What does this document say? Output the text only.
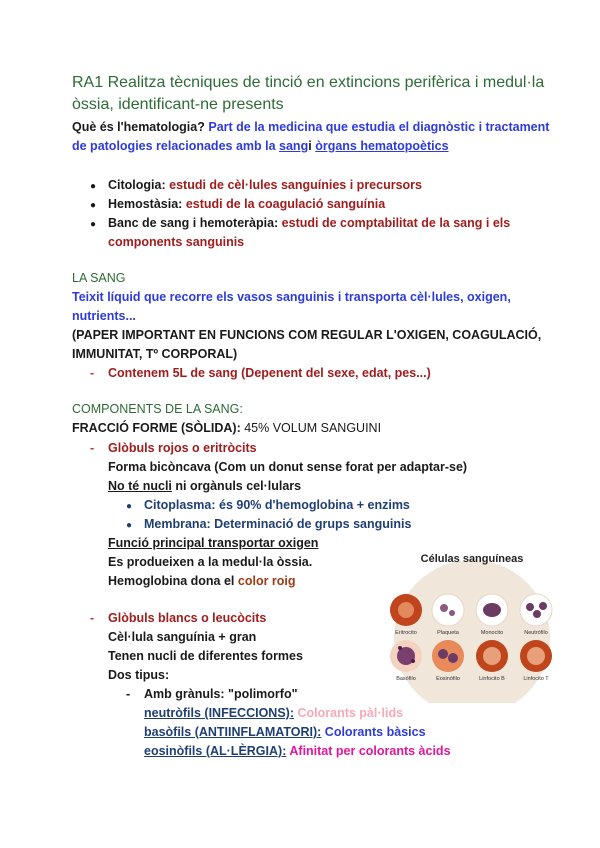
RA1 Realitza tècniques de tinció en extincions perifèrica i medul·la
òssia, identificant-ne presents
Què és l'hematologia? Part de la medicina que estudia el diagnòstic i tractament
de patologies relacionades amb la sangi òrgans hematopoètics
● Citologia: estudi de cèl·lules sanguínies i precursors
● Hemostàsia: estudi de la coagulació sanguínia
● Banc de sang i hemoteràpia: estudi de comptabilitat de la sang i els
components sanguinis
LA SANG
Teixit líquid que recorre els vasos sanguinis i transporta cèl·lules, oxigen,
nutrients...
(PAPER IMPORTANT EN FUNCIONS COM REGULAR L'OXIGEN, COAGULACIÓ,
IMMUNITAT, Tº CORPORAL)
- Contenem 5L de sang (Depenent del sexe, edat, pes...)
COMPONENTS DE LA SANG:
FRACCIÓ FORME (SÒLIDA): 45% VOLUM SANGUINI
- Glòbuls rojos o eritròcits
Forma bicòncava (Com un donut sense forat per adaptar-se)
No té nucli ni orgànuls cel·lulars
● Citoplasma: és 90% d'hemoglobina + enzims
● Membrana: Determinació de grups sanguinis
Funció principal transportar oxigen
Es produeixen a la medul·la òssia.
Hemoglobina dona el color roig
- Glòbuls blancs o leucòcits
Cèl·lula sanguínia + gran
Tenen nucli de diferentes formes
Dos tipus:
- Amb grànuls: "polimorfo"
neutròfils (INFECCIONS): Colorants pàl·lids
basòfils (ANTIINFLAMATORI): Colorants bàsics
eosinòfils (AL·LÈRGIA): Afinitat per colorants àcids
Células sanguíneas
Eritrocito	Plaqueta	Monocito	Neutrófilo
Basófilo	Eosinófilo	Linfocito B	Linfocito T
